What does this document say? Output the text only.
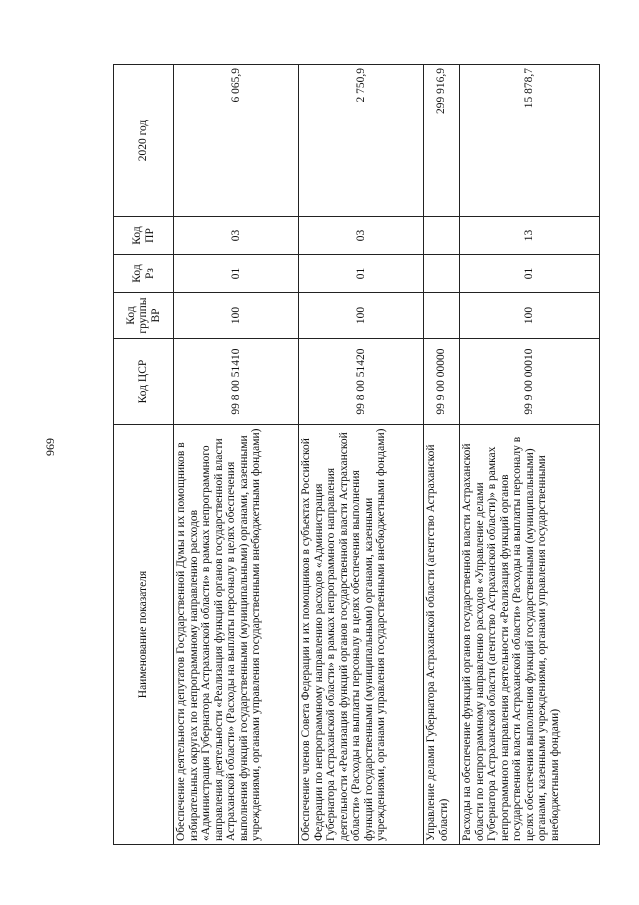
969
Наименование показателя	Код ЦСР	Код группы ВР	Код Рз	Код ПР	2020 год
Обеспечение деятельности депутатов Государственной Думы и их помощников в избирательных округах по непрограммному направлению расходов «Администрация Губернатора Астраханской области» в рамках непрограммного направления деятельности «Реализация функций органов государственной власти Астраханской области» (Расходы на выплаты персоналу в целях обеспечения выполнения функций государственными (муниципальными) органами, казенными учреждениями, органами управления государственными внебюджетными фондами)	99 8 00 51410	100	01	03	6 065,9
Обеспечение членов Совета Федерации и их помощников в субъектах Российской Федерации по непрограммному направлению расходов «Администрация Губернатора Астраханской области» в рамках непрограммного направления деятельности «Реализация функций органов государственной власти Астраханской области» (Расходы на выплаты персоналу в целях обеспечения выполнения функций государственными (муниципальными) органами, казенными учреждениями, органами управления государственными внебюджетными фондами)	99 8 00 51420	100	01	03	2 750,9
Управление делами Губернатора Астраханской области (агентство Астраханской области)	99 9 00 00000				299 916,9
Расходы на обеспечение функций органов государственной власти Астраханской области по непрограммному направлению расходов «Управление делами Губернатора Астраханской области (агентство Астраханской области)» в рамках непрограммного направления деятельности «Реализация функций органов государственной власти Астраханской области» (Расходы на выплаты персоналу в целях обеспечения выполнения функций государственными (муниципальными) органами, казенными учреждениями, органами управления государственными внебюджетными фондами)	99 9 00 00010	100	01	13	15 878,7
